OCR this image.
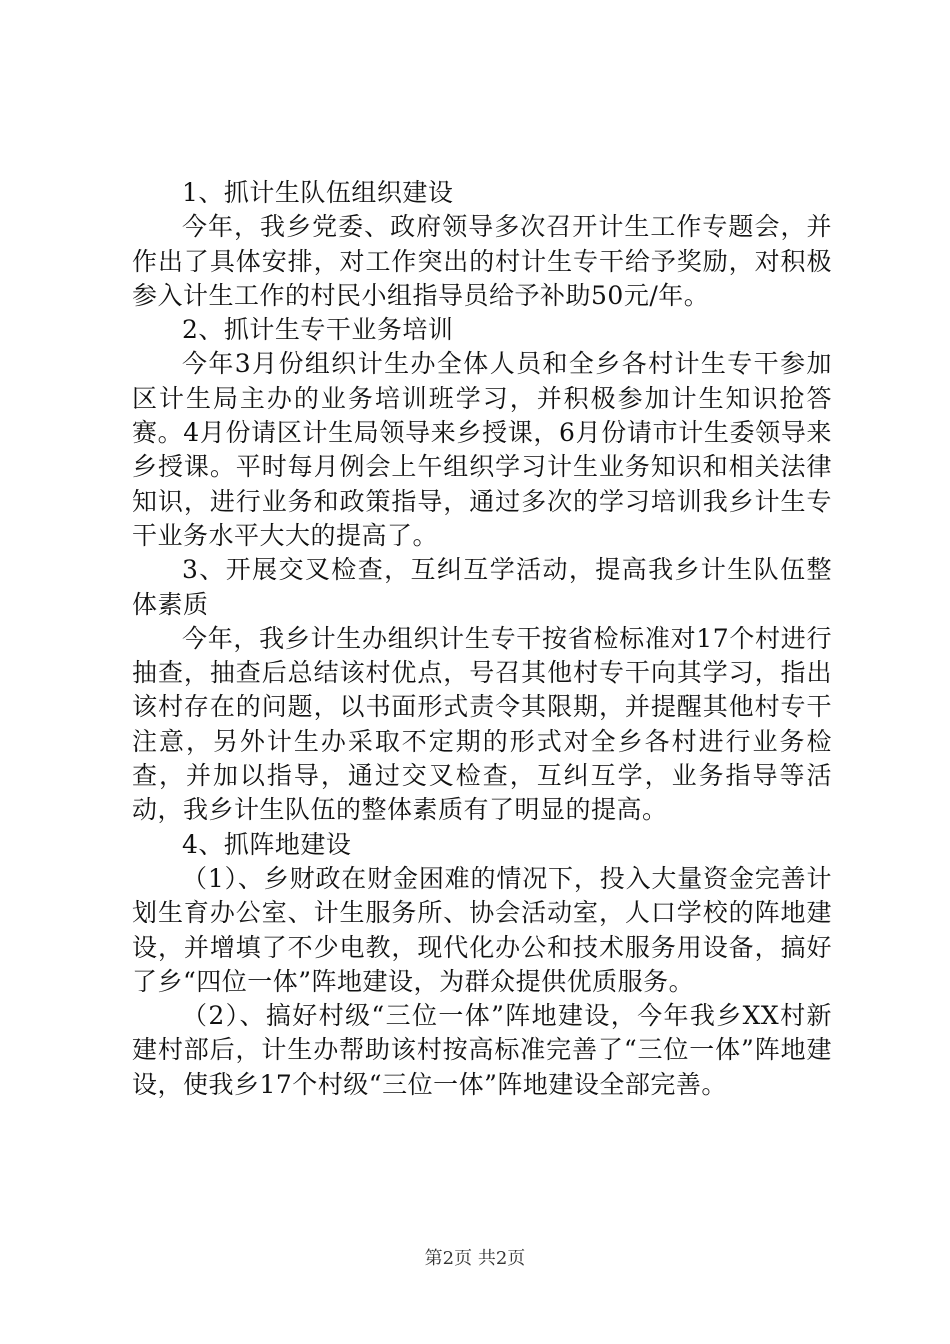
1、抓计生队伍组织建设

今年，我乡党委、政府领导多次召开计生工作专题会，并作出了具体安排，对工作突出的村计生专干给予奖励，对积极参入计生工作的村民小组指导员给予补助50元/年。

2、抓计生专干业务培训

今年3月份组织计生办全体人员和全乡各村计生专干参加区计生局主办的业务培训班学习，并积极参加计生知识抢答赛。4月份请区计生局领导来乡授课，6月份请市计生委领导来乡授课。平时每月例会上午组织学习计生业务知识和相关法律知识，进行业务和政策指导，通过多次的学习培训我乡计生专干业务水平大大的提高了。

3、开展交叉检查，互纠互学活动，提高我乡计生队伍整体素质

今年，我乡计生办组织计生专干按省检标准对17个村进行抽查，抽查后总结该村优点，号召其他村专干向其学习，指出该村存在的问题，以书面形式责令其限期，并提醒其他村专干注意，另外计生办采取不定期的形式对全乡各村进行业务检查，并加以指导，通过交叉检查，互纠互学，业务指导等活动，我乡计生队伍的整体素质有了明显的提高。

4、抓阵地建设

（1）、乡财政在财金困难的情况下，投入大量资金完善计划生育办公室、计生服务所、协会活动室，人口学校的阵地建设，并增填了不少电教，现代化办公和技术服务用设备，搞好了乡“四位一体”阵地建设，为群众提供优质服务。

（2）、搞好村级“三位一体”阵地建设，今年我乡XX村新建村部后，计生办帮助该村按高标准完善了“三位一体”阵地建设，使我乡17个村级“三位一体”阵地建设全部完善。

第2页 共2页
